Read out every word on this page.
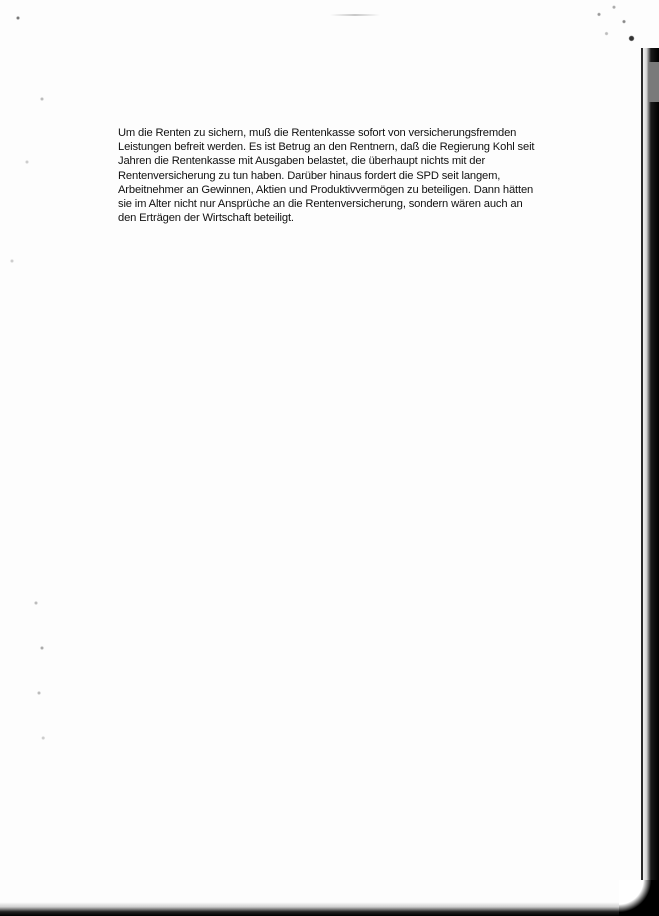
Um die Renten zu sichern, muß die Rentenkasse sofort von versicherungsfremden Leistungen befreit werden. Es ist Betrug an den Rentnern, daß die Regierung Kohl seit Jahren die Rentenkasse mit Ausgaben belastet, die überhaupt nichts mit der Rentenversicherung zu tun haben. Darüber hinaus fordert die SPD seit langem, Arbeitnehmer an Gewinnen, Aktien und Produktivvermögen zu beteiligen. Dann hätten sie im Alter nicht nur Ansprüche an die Rentenversicherung, sondern wären auch an den Erträgen der Wirtschaft beteiligt.
